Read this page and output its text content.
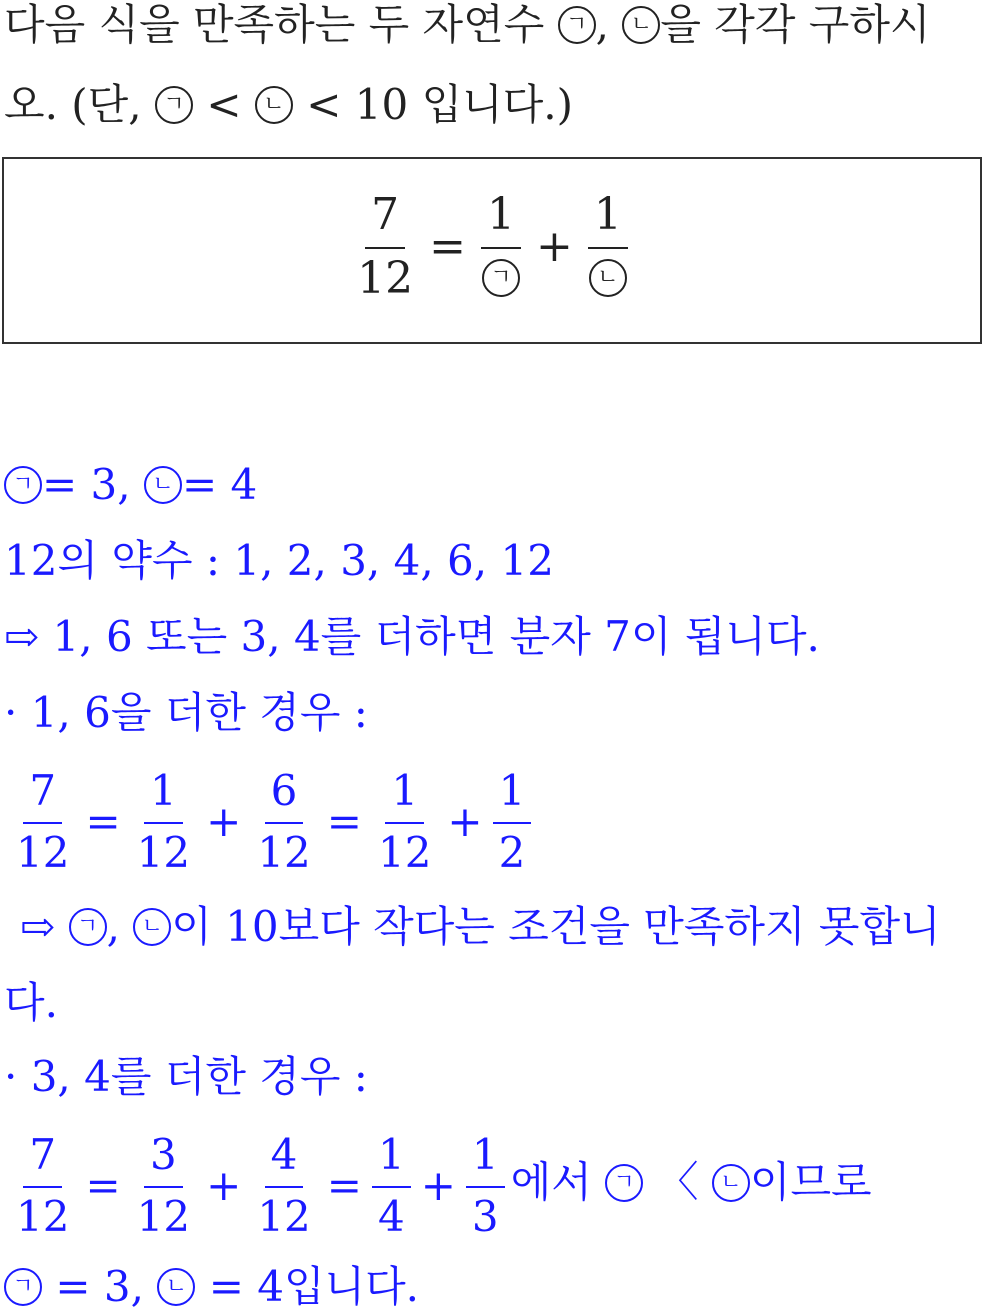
다음 식을 만족하는 두 자연수 ㄱ , ㄴ 을 각각 구하시
오. (단, ㄱ < ㄴ < 10 입니다.)
$\frac{7}{12} = \frac{1}{\text{ㄱ}} + \frac{1}{\text{ㄴ}}$
ㄱ = 3, ㄴ = 4
12의 약수 : 1, 2, 3, 4, 6, 12
⇨ 1, 6 또는 3, 4를 더하면 분자 7이 됩니다.
· 1, 6을 더한 경우 :
$\frac{7}{12} = \frac{1}{12} + \frac{6}{12} = \frac{1}{12} + \frac{1}{2}$
⇨ ㄱ , ㄴ 이 10보다 작다는 조건을 만족하지 못합니
다.
· 3, 4를 더한 경우 :
$\frac{7}{12} = \frac{3}{12} + \frac{4}{12} = \frac{1}{4} + \frac{1}{3}$ 에서 ㄱ 〈 ㄴ 이므로
ㄱ = 3, ㄴ = 4입니다.
